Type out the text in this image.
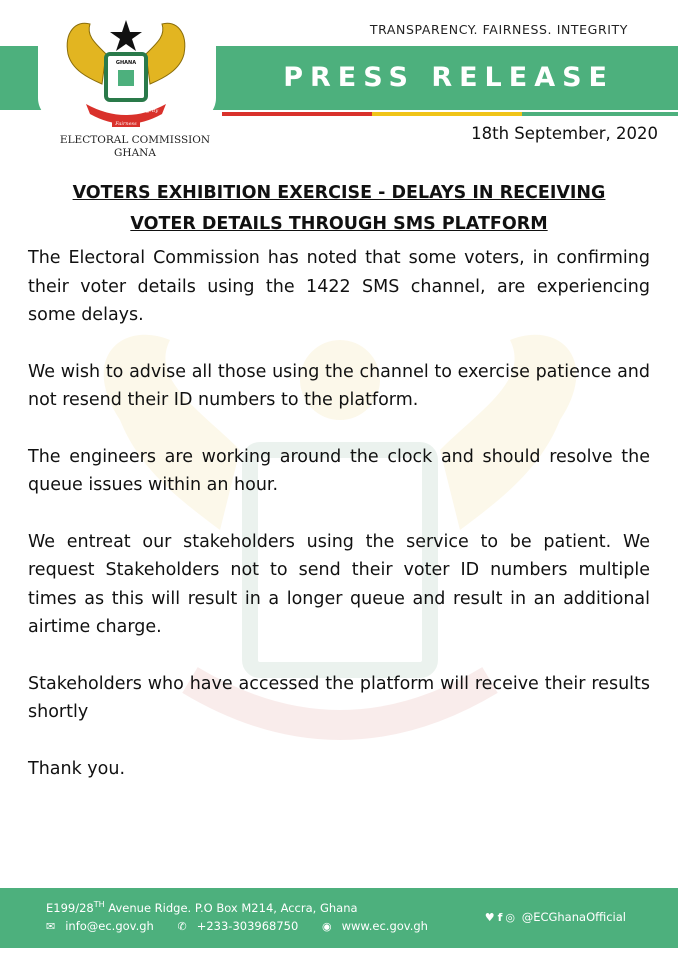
TRANSPARENCY. FAIRNESS. INTEGRITY
PRESS RELEASE
GHANA
Transparency
Integrity
Fairness
ELECTORAL COMMISSION
GHANA
18th September, 2020
VOTERS EXHIBITION EXERCISE - DELAYS IN RECEIVING
VOTER DETAILS THROUGH SMS PLATFORM

The Electoral Commission has noted that some voters, in confirming their voter details using the 1422 SMS channel, are experiencing some delays.

We wish to advise all those using the channel to exercise patience and not resend their ID numbers to the platform.

The engineers are working around the clock and should resolve the queue issues within an hour.

We entreat our stakeholders using the service to be patient. We request Stakeholders not to send their voter ID numbers multiple times as this will result in a longer queue and result in an additional airtime charge.

Stakeholders who have accessed the platform will receive their results shortly

Thank you.

E199/28TH Avenue Ridge. P.O Box M214, Accra, Ghana
✉ info@ec.gov.gh ✆ +233-303968750 ◉ www.ec.gov.gh
♥ f ◎ @ECGhanaOfficial
